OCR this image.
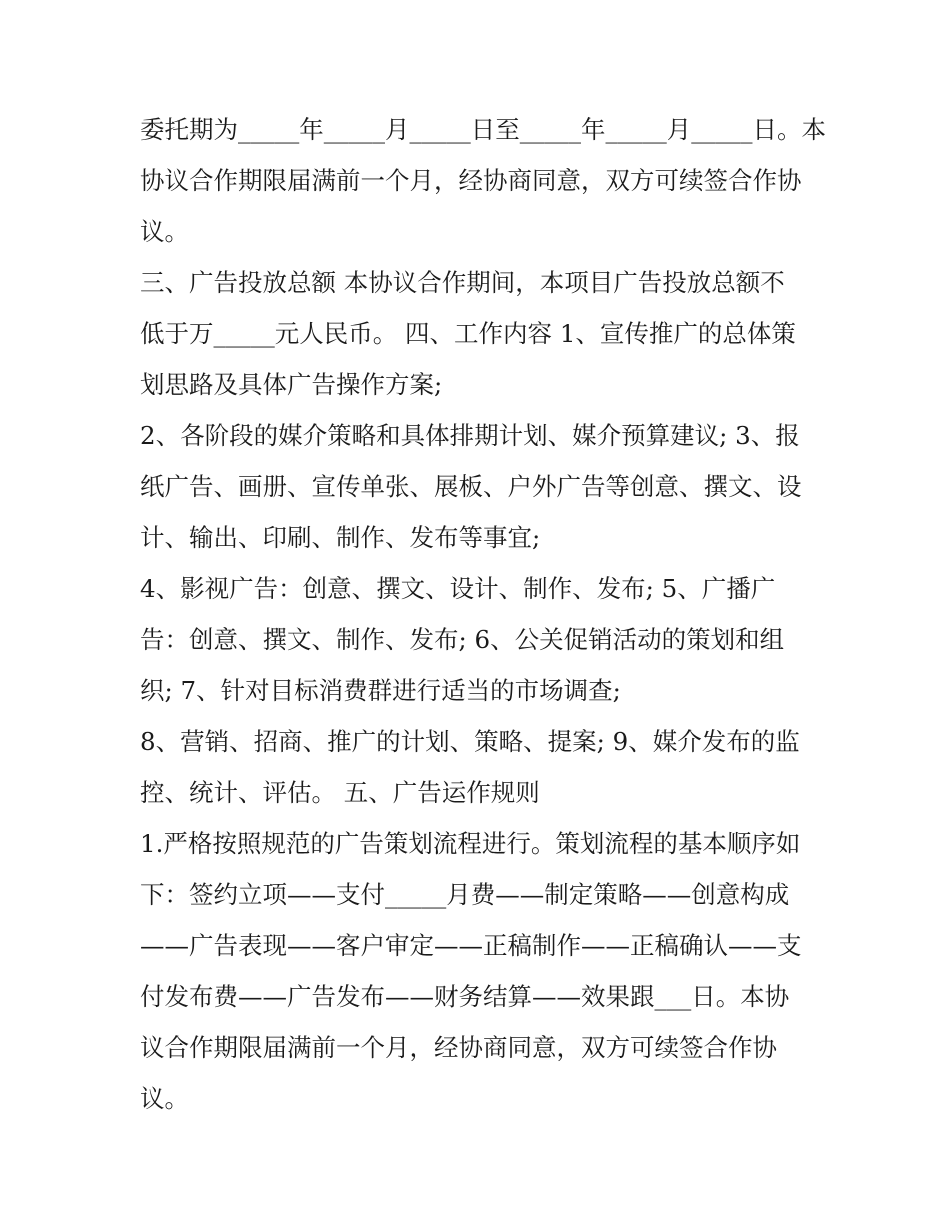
委托期为_____年_____月_____日至_____年_____月_____日。本
协议合作期限届满前一个月，经协商同意，双方可续签合作协
议。
三、广告投放总额 本协议合作期间，本项目广告投放总额不
低于万_____元人民币。 四、工作内容 1、宣传推广的总体策
划思路及具体广告操作方案;
2、各阶段的媒介策略和具体排期计划、媒介预算建议; 3、报
纸广告、画册、宣传单张、展板、户外广告等创意、撰文、设
计、输出、印刷、制作、发布等事宜;
4、影视广告：创意、撰文、设计、制作、发布; 5、广播广
告：创意、撰文、制作、发布; 6、公关促销活动的策划和组
织; 7、针对目标消费群进行适当的市场调查;
8、营销、招商、推广的计划、策略、提案; 9、媒介发布的监
控、统计、评估。 五、广告运作规则
1.严格按照规范的广告策划流程进行。策划流程的基本顺序如
下：签约立项——支付_____月费——制定策略——创意构成
——广告表现——客户审定——正稿制作——正稿确认——支
付发布费——广告发布——财务结算——效果跟___日。本协
议合作期限届满前一个月，经协商同意，双方可续签合作协
议。
